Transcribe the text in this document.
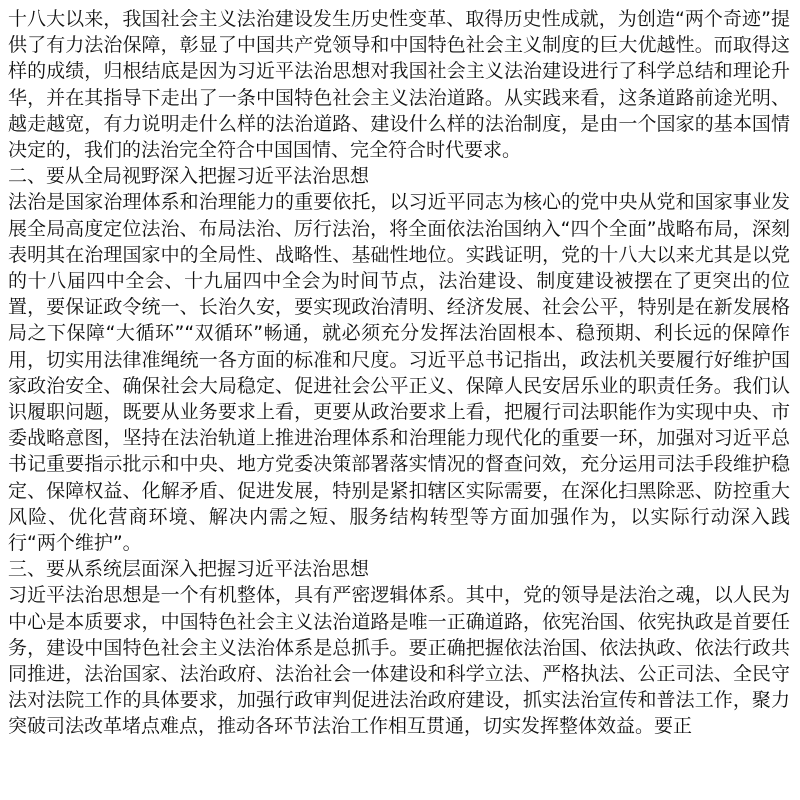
十八大以来，我国社会主义法治建设发生历史性变革、取得历史性成就，为创造“两个奇迹”提供了有力法治保障，彰显了中国共产党领导和中国特色社会主义制度的巨大优越性。而取得这样的成绩，归根结底是因为习近平法治思想对我国社会主义法治建设进行了科学总结和理论升华，并在其指导下走出了一条中国特色社会主义法治道路。从实践来看，这条道路前途光明、越走越宽，有力说明走什么样的法治道路、建设什么样的法治制度，是由一个国家的基本国情决定的，我们的法治完全符合中国国情、完全符合时代要求。

二、要从全局视野深入把握习近平法治思想

法治是国家治理体系和治理能力的重要依托，以习近平同志为核心的党中央从党和国家事业发展全局高度定位法治、布局法治、厉行法治，将全面依法治国纳入“四个全面”战略布局，深刻表明其在治理国家中的全局性、战略性、基础性地位。实践证明，党的十八大以来尤其是以党的十八届四中全会、十九届四中全会为时间节点，法治建设、制度建设被摆在了更突出的位置，要保证政令统一、长治久安，要实现政治清明、经济发展、社会公平，特别是在新发展格局之下保障“大循环”“双循环”畅通，就必须充分发挥法治固根本、稳预期、利长远的保障作用，切实用法律准绳统一各方面的标准和尺度。习近平总书记指出，政法机关要履行好维护国家政治安全、确保社会大局稳定、促进社会公平正义、保障人民安居乐业的职责任务。我们认识履职问题，既要从业务要求上看，更要从政治要求上看，把履行司法职能作为实现中央、市委战略意图，坚持在法治轨道上推进治理体系和治理能力现代化的重要一环，加强对习近平总书记重要指示批示和中央、地方党委决策部署落实情况的督查问效，充分运用司法手段维护稳定、保障权益、化解矛盾、促进发展，特别是紧扣辖区实际需要，在深化扫黑除恶、防控重大风险、优化营商环境、解决内需之短、服务结构转型等方面加强作为，以实际行动深入践行“两个维护”。

三、要从系统层面深入把握习近平法治思想

习近平法治思想是一个有机整体，具有严密逻辑体系。其中，党的领导是法治之魂，以人民为中心是本质要求，中国特色社会主义法治道路是唯一正确道路，依宪治国、依宪执政是首要任务，建设中国特色社会主义法治体系是总抓手。要正确把握依法治国、依法执政、依法行政共同推进，法治国家、法治政府、法治社会一体建设和科学立法、严格执法、公正司法、全民守法对法院工作的具体要求，加强行政审判促进法治政府建设，抓实法治宣传和普法工作，聚力突破司法改革堵点难点，推动各环节法治工作相互贯通，切实发挥整体效益。要正
